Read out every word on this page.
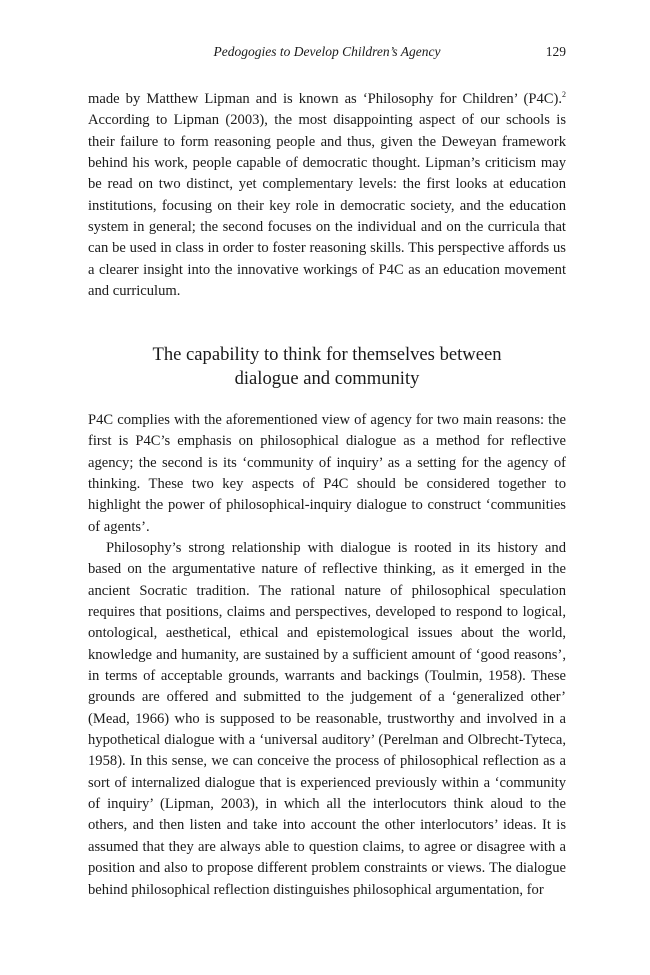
Pedogogies to Develop Children’s Agency	129

made by Matthew Lipman and is known as ‘Philosophy for Children’ (P4C).$^2$ According to Lipman (2003), the most disappointing aspect of our schools is their failure to form reasoning people and thus, given the Deweyan framework behind his work, people capable of democratic thought. Lipman’s criticism may be read on two distinct, yet complementary levels: the first looks at education institutions, focusing on their key role in democratic society, and the education system in general; the second focuses on the individual and on the curricula that can be used in class in order to foster reasoning skills. This perspective affords us a clearer insight into the innovative workings of P4C as an education movement and curriculum.

The capability to think for themselves between
dialogue and community

P4C complies with the aforementioned view of agency for two main reasons: the first is P4C’s emphasis on philosophical dialogue as a method for reflective agency; the second is its ‘community of inquiry’ as a setting for the agency of thinking. These two key aspects of P4C should be considered together to highlight the power of philosophical-inquiry dialogue to construct ‘communities of agents’.

Philosophy’s strong relationship with dialogue is rooted in its history and based on the argumentative nature of reflective thinking, as it emerged in the ancient Socratic tradition. The rational nature of philosophical speculation requires that positions, claims and perspectives, developed to respond to logical, ontological, aesthetical, ethical and epistemological issues about the world, knowledge and humanity, are sustained by a sufficient amount of ‘good reasons’, in terms of acceptable grounds, warrants and backings (Toulmin, 1958). These grounds are offered and submitted to the judgement of a ‘generalized other’ (Mead, 1966) who is supposed to be reasonable, trustworthy and involved in a hypothetical dialogue with a ‘universal auditory’ (Perelman and Olbrecht-Tyteca, 1958). In this sense, we can conceive the process of philosophical reflection as a sort of internalized dialogue that is experienced previously within a ‘community of inquiry’ (Lipman, 2003), in which all the interlocutors think aloud to the others, and then listen and take into account the other interlocutors’ ideas. It is assumed that they are always able to question claims, to agree or disagree with a position and also to propose different problem constraints or views. The dialogue behind philosophical reflection distinguishes philosophical argumentation, for
